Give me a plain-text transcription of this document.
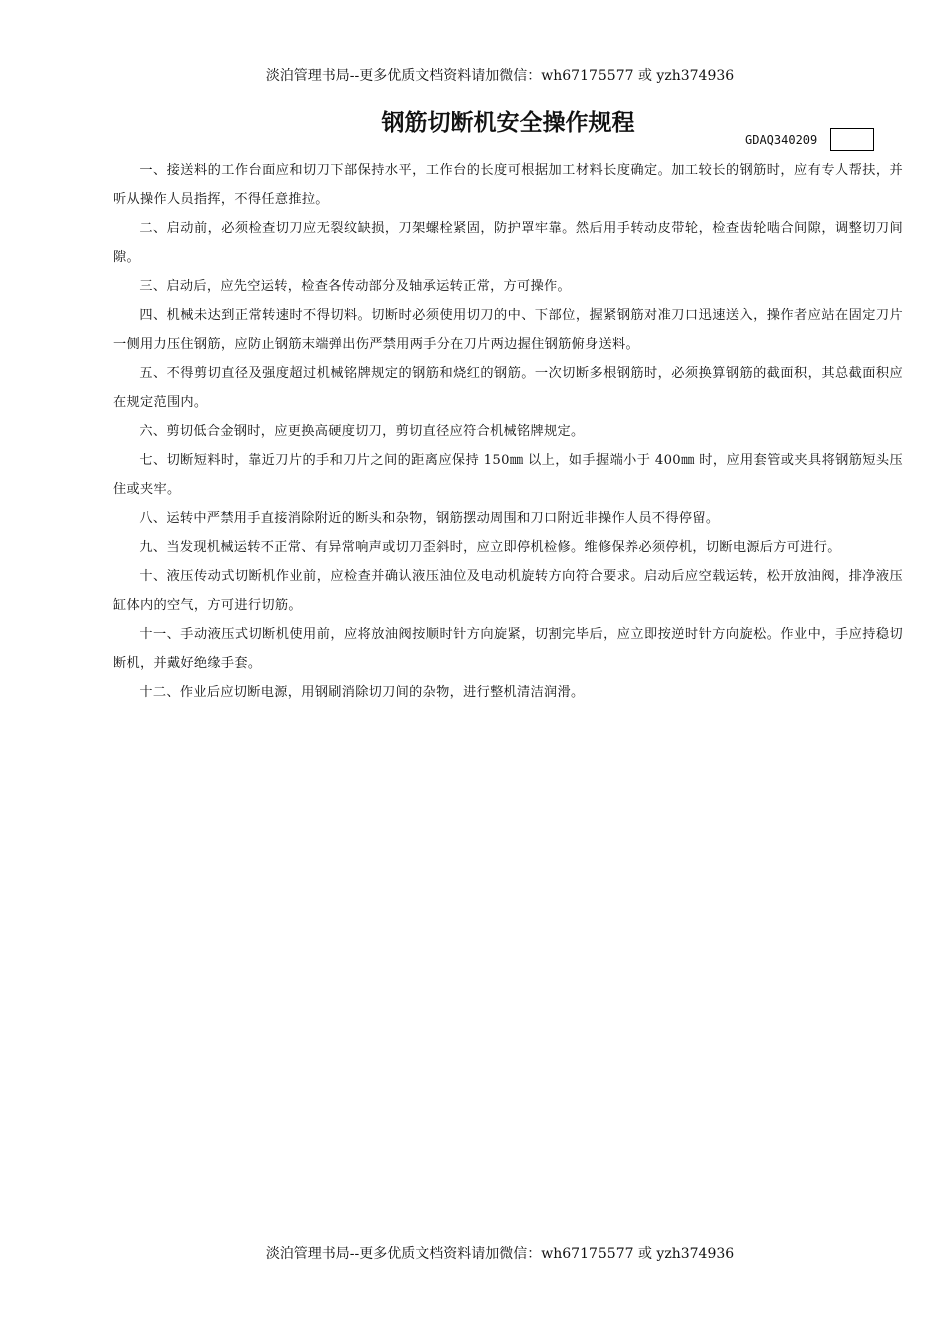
淡泊管理书局--更多优质文档资料请加微信：wh67175577 或 yzh374936
钢筋切断机安全操作规程
GDAQ340209

一、接送料的工作台面应和切刀下部保持水平，工作台的长度可根据加工材料长度确定。加工较长的钢筋时，应有专人帮扶，并听从操作人员指挥，不得任意推拉。

二、启动前，必须检查切刀应无裂纹缺损，刀架螺栓紧固，防护罩牢靠。然后用手转动皮带轮，检查齿轮啮合间隙，调整切刀间隙。

三、启动后，应先空运转，检查各传动部分及轴承运转正常，方可操作。

四、机械未达到正常转速时不得切料。切断时必须使用切刀的中、下部位，握紧钢筋对准刀口迅速送入，操作者应站在固定刀片一侧用力压住钢筋，应防止钢筋末端弹出伤严禁用两手分在刀片两边握住钢筋俯身送料。

五、不得剪切直径及强度超过机械铭牌规定的钢筋和烧红的钢筋。一次切断多根钢筋时，必须换算钢筋的截面积，其总截面积应在规定范围内。

六、剪切低合金钢时，应更换高硬度切刀，剪切直径应符合机械铭牌规定。

七、切断短料时，靠近刀片的手和刀片之间的距离应保持 150㎜ 以上，如手握端小于 400㎜ 时，应用套管或夹具将钢筋短头压住或夹牢。

八、运转中严禁用手直接消除附近的断头和杂物，钢筋摆动周围和刀口附近非操作人员不得停留。

九、当发现机械运转不正常、有异常响声或切刀歪斜时，应立即停机检修。维修保养必须停机，切断电源后方可进行。

十、液压传动式切断机作业前，应检查并确认液压油位及电动机旋转方向符合要求。启动后应空载运转，松开放油阀，排净液压缸体内的空气，方可进行切筋。

十一、手动液压式切断机使用前，应将放油阀按顺时针方向旋紧，切割完毕后，应立即按逆时针方向旋松。作业中，手应持稳切断机，并戴好绝缘手套。

十二、作业后应切断电源，用钢刷消除切刀间的杂物，进行整机清洁润滑。

淡泊管理书局--更多优质文档资料请加微信：wh67175577 或 yzh374936
